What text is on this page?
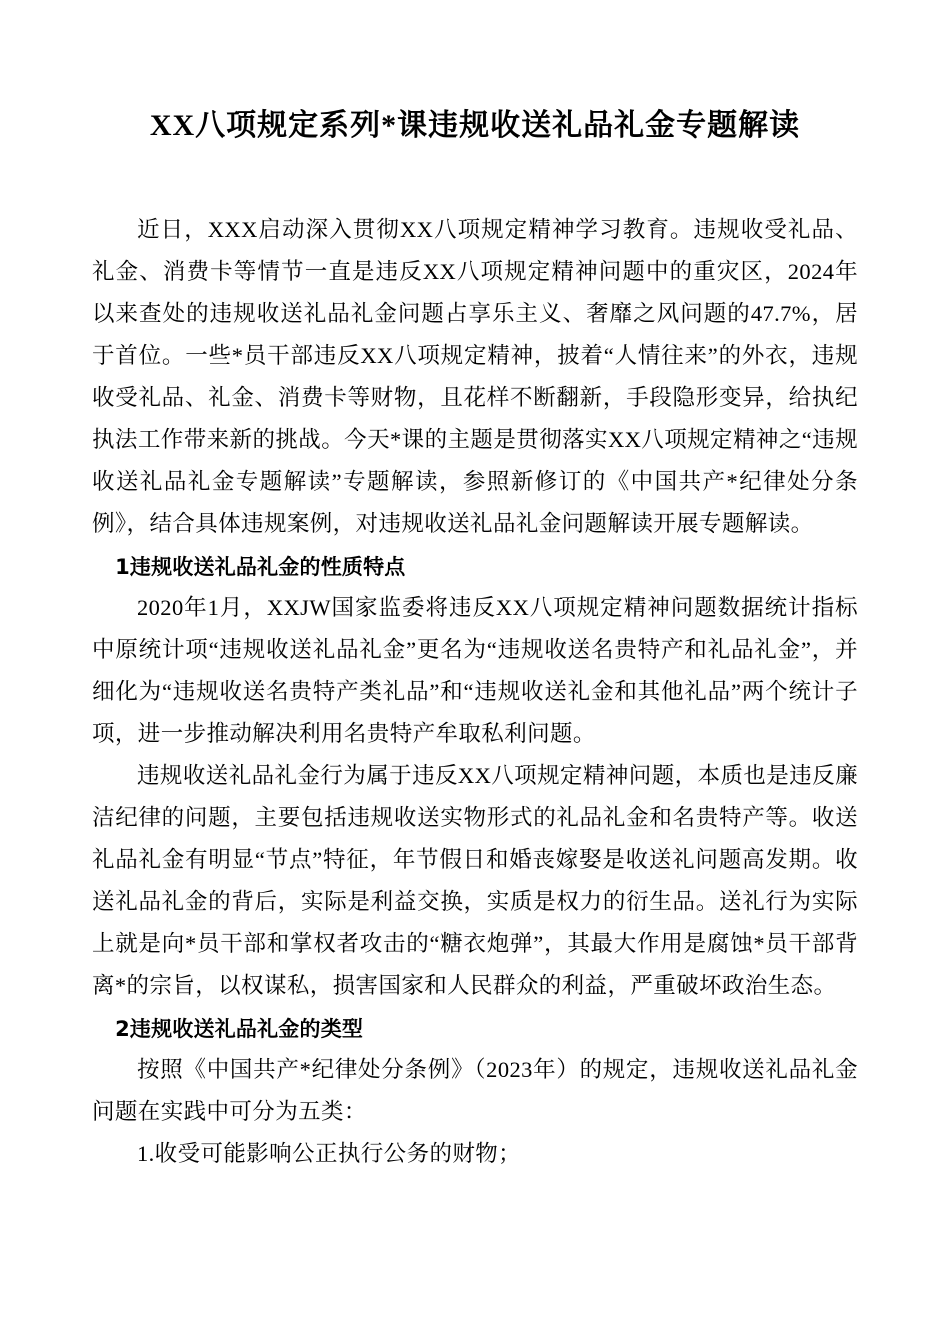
XX八项规定系列*课违规收送礼品礼金专题解读

近日，XXX启动深入贯彻XX八项规定精神学习教育。违规收受礼品、礼金、消费卡等情节一直是违反XX八项规定精神问题中的重灾区，2024年以来查处的违规收送礼品礼金问题占享乐主义、奢靡之风问题的47.7%，居于首位。一些*员干部违反XX八项规定精神，披着“人情往来”的外衣，违规收受礼品、礼金、消费卡等财物，且花样不断翻新，手段隐形变异，给执纪执法工作带来新的挑战。今天*课的主题是贯彻落实XX八项规定精神之“违规收送礼品礼金专题解读”专题解读，参照新修订的《中国共产*纪律处分条例》，结合具体违规案例，对违规收送礼品礼金问题解读开展专题解读。

1违规收送礼品礼金的性质特点

2020年1月，XXJW国家监委将违反XX八项规定精神问题数据统计指标中原统计项“违规收送礼品礼金”更名为“违规收送名贵特产和礼品礼金”，并细化为“违规收送名贵特产类礼品”和“违规收送礼金和其他礼品”两个统计子项，进一步推动解决利用名贵特产牟取私利问题。

违规收送礼品礼金行为属于违反XX八项规定精神问题，本质也是违反廉洁纪律的问题，主要包括违规收送实物形式的礼品礼金和名贵特产等。收送礼品礼金有明显“节点”特征，年节假日和婚丧嫁娶是收送礼问题高发期。收送礼品礼金的背后，实际是利益交换，实质是权力的衍生品。送礼行为实际上就是向*员干部和掌权者攻击的“糖衣炮弹”，其最大作用是腐蚀*员干部背离*的宗旨，以权谋私，损害国家和人民群众的利益，严重破坏政治生态。

2违规收送礼品礼金的类型

按照《中国共产*纪律处分条例》（2023年）的规定，违规收送礼品礼金问题在实践中可分为五类：

1.收受可能影响公正执行公务的财物；
